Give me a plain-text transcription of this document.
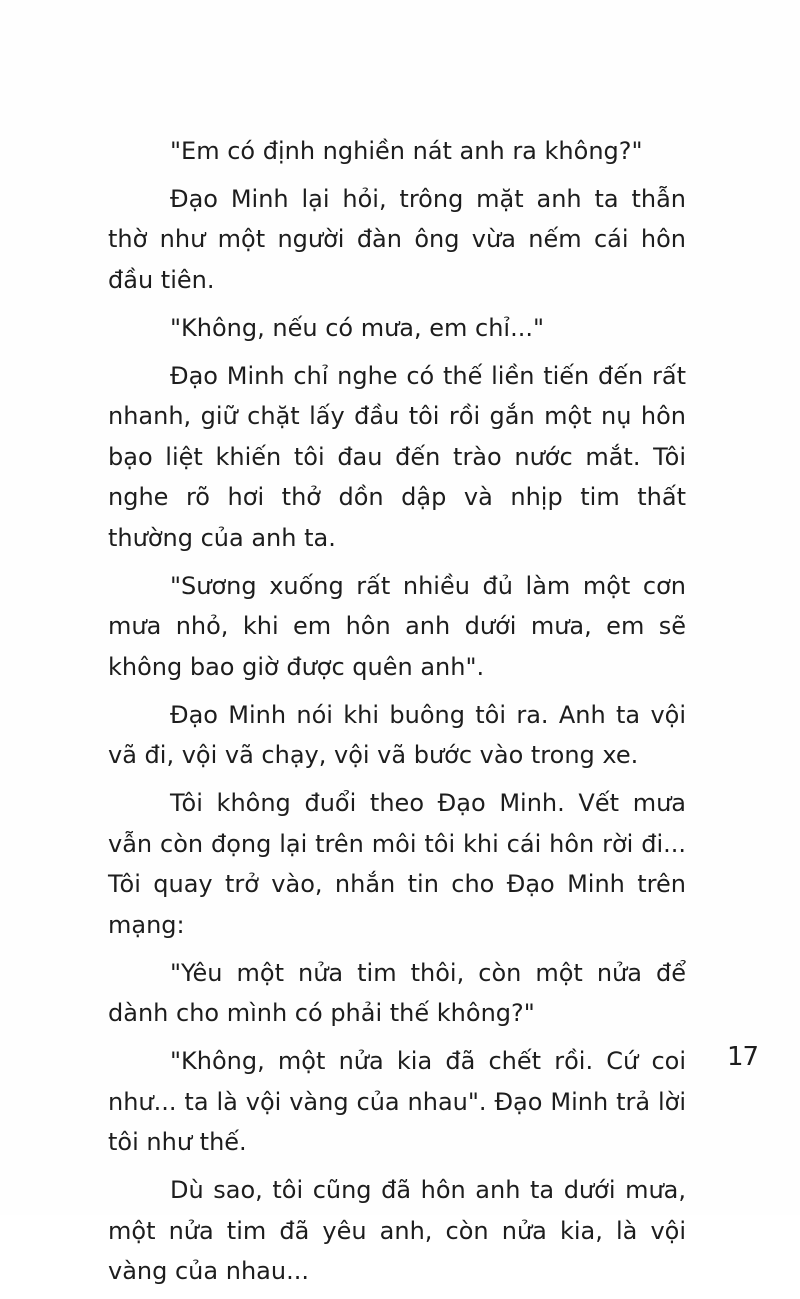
"Em có định nghiền nát anh ra không?"

Đạo Minh lại hỏi, trông mặt anh ta thẫn thờ như một người đàn ông vừa nếm cái hôn đầu tiên.

"Không, nếu có mưa, em chỉ..."

Đạo Minh chỉ nghe có thế liền tiến đến rất nhanh, giữ chặt lấy đầu tôi rồi gắn một nụ hôn bạo liệt khiến tôi đau đến trào nước mắt. Tôi nghe rõ hơi thở dồn dập và nhịp tim thất thường của anh ta.

"Sương xuống rất nhiều đủ làm một cơn mưa nhỏ, khi em hôn anh dưới mưa, em sẽ không bao giờ được quên anh".

Đạo Minh nói khi buông tôi ra. Anh ta vội vã đi, vội vã chạy, vội vã bước vào trong xe.

Tôi không đuổi theo Đạo Minh. Vết mưa vẫn còn đọng lại trên môi tôi khi cái hôn rời đi... Tôi quay trở vào, nhắn tin cho Đạo Minh trên mạng:

"Yêu một nửa tim thôi, còn một nửa để dành cho mình có phải thế không?"

"Không, một nửa kia đã chết rồi. Cứ coi như... ta là vội vàng của nhau". Đạo Minh trả lời tôi như thế.

Dù sao, tôi cũng đã hôn anh ta dưới mưa, một nửa tim đã yêu anh, còn nửa kia, là vội vàng của nhau...

17
